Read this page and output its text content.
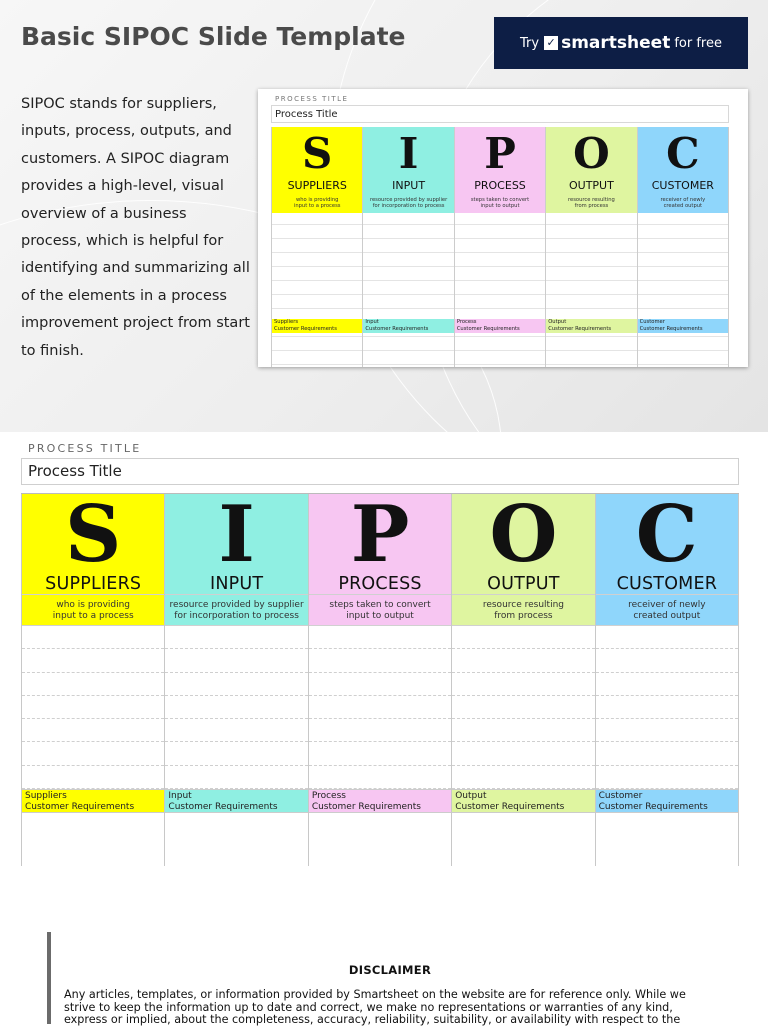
Basic SIPOC Slide Template	Try ✓ smartsheet for free

SIPOC stands for suppliers, inputs, process, outputs, and customers. A SIPOC diagram provides a high-level, visual overview of a business process, which is helpful for identifying and summarizing all of the elements in a process improvement project from start to finish.

PROCESS TITLE
Process Title
S
SUPPLIERS
who is providing
input to a process
Suppliers
Customer Requirements
I
INPUT
resource provided by supplier
for incorporation to process
Input
Customer Requirements
P
PROCESS
steps taken to convert
input to output
Process
Customer Requirements
O
OUTPUT
resource resulting
from process
Output
Customer Requirements
C
CUSTOMER
receiver of newly
created output
Customer
Customer Requirements
PROCESS TITLE
Process Title
S
SUPPLIERS
who is providing
input to a process
Suppliers
Customer Requirements
I
INPUT
resource provided by supplier
for incorporation to process
Input
Customer Requirements
P
PROCESS
steps taken to convert
input to output
Process
Customer Requirements
O
OUTPUT
resource resulting
from process
Output
Customer Requirements
C
CUSTOMER
receiver of newly
created output
Customer
Customer Requirements

DISCLAIMER

Any articles, templates, or information provided by Smartsheet on the website are for reference only. While we strive to keep the information up to date and correct, we make no representations or warranties of any kind, express or implied, about the completeness, accuracy, reliability, suitability, or availability with respect to the
